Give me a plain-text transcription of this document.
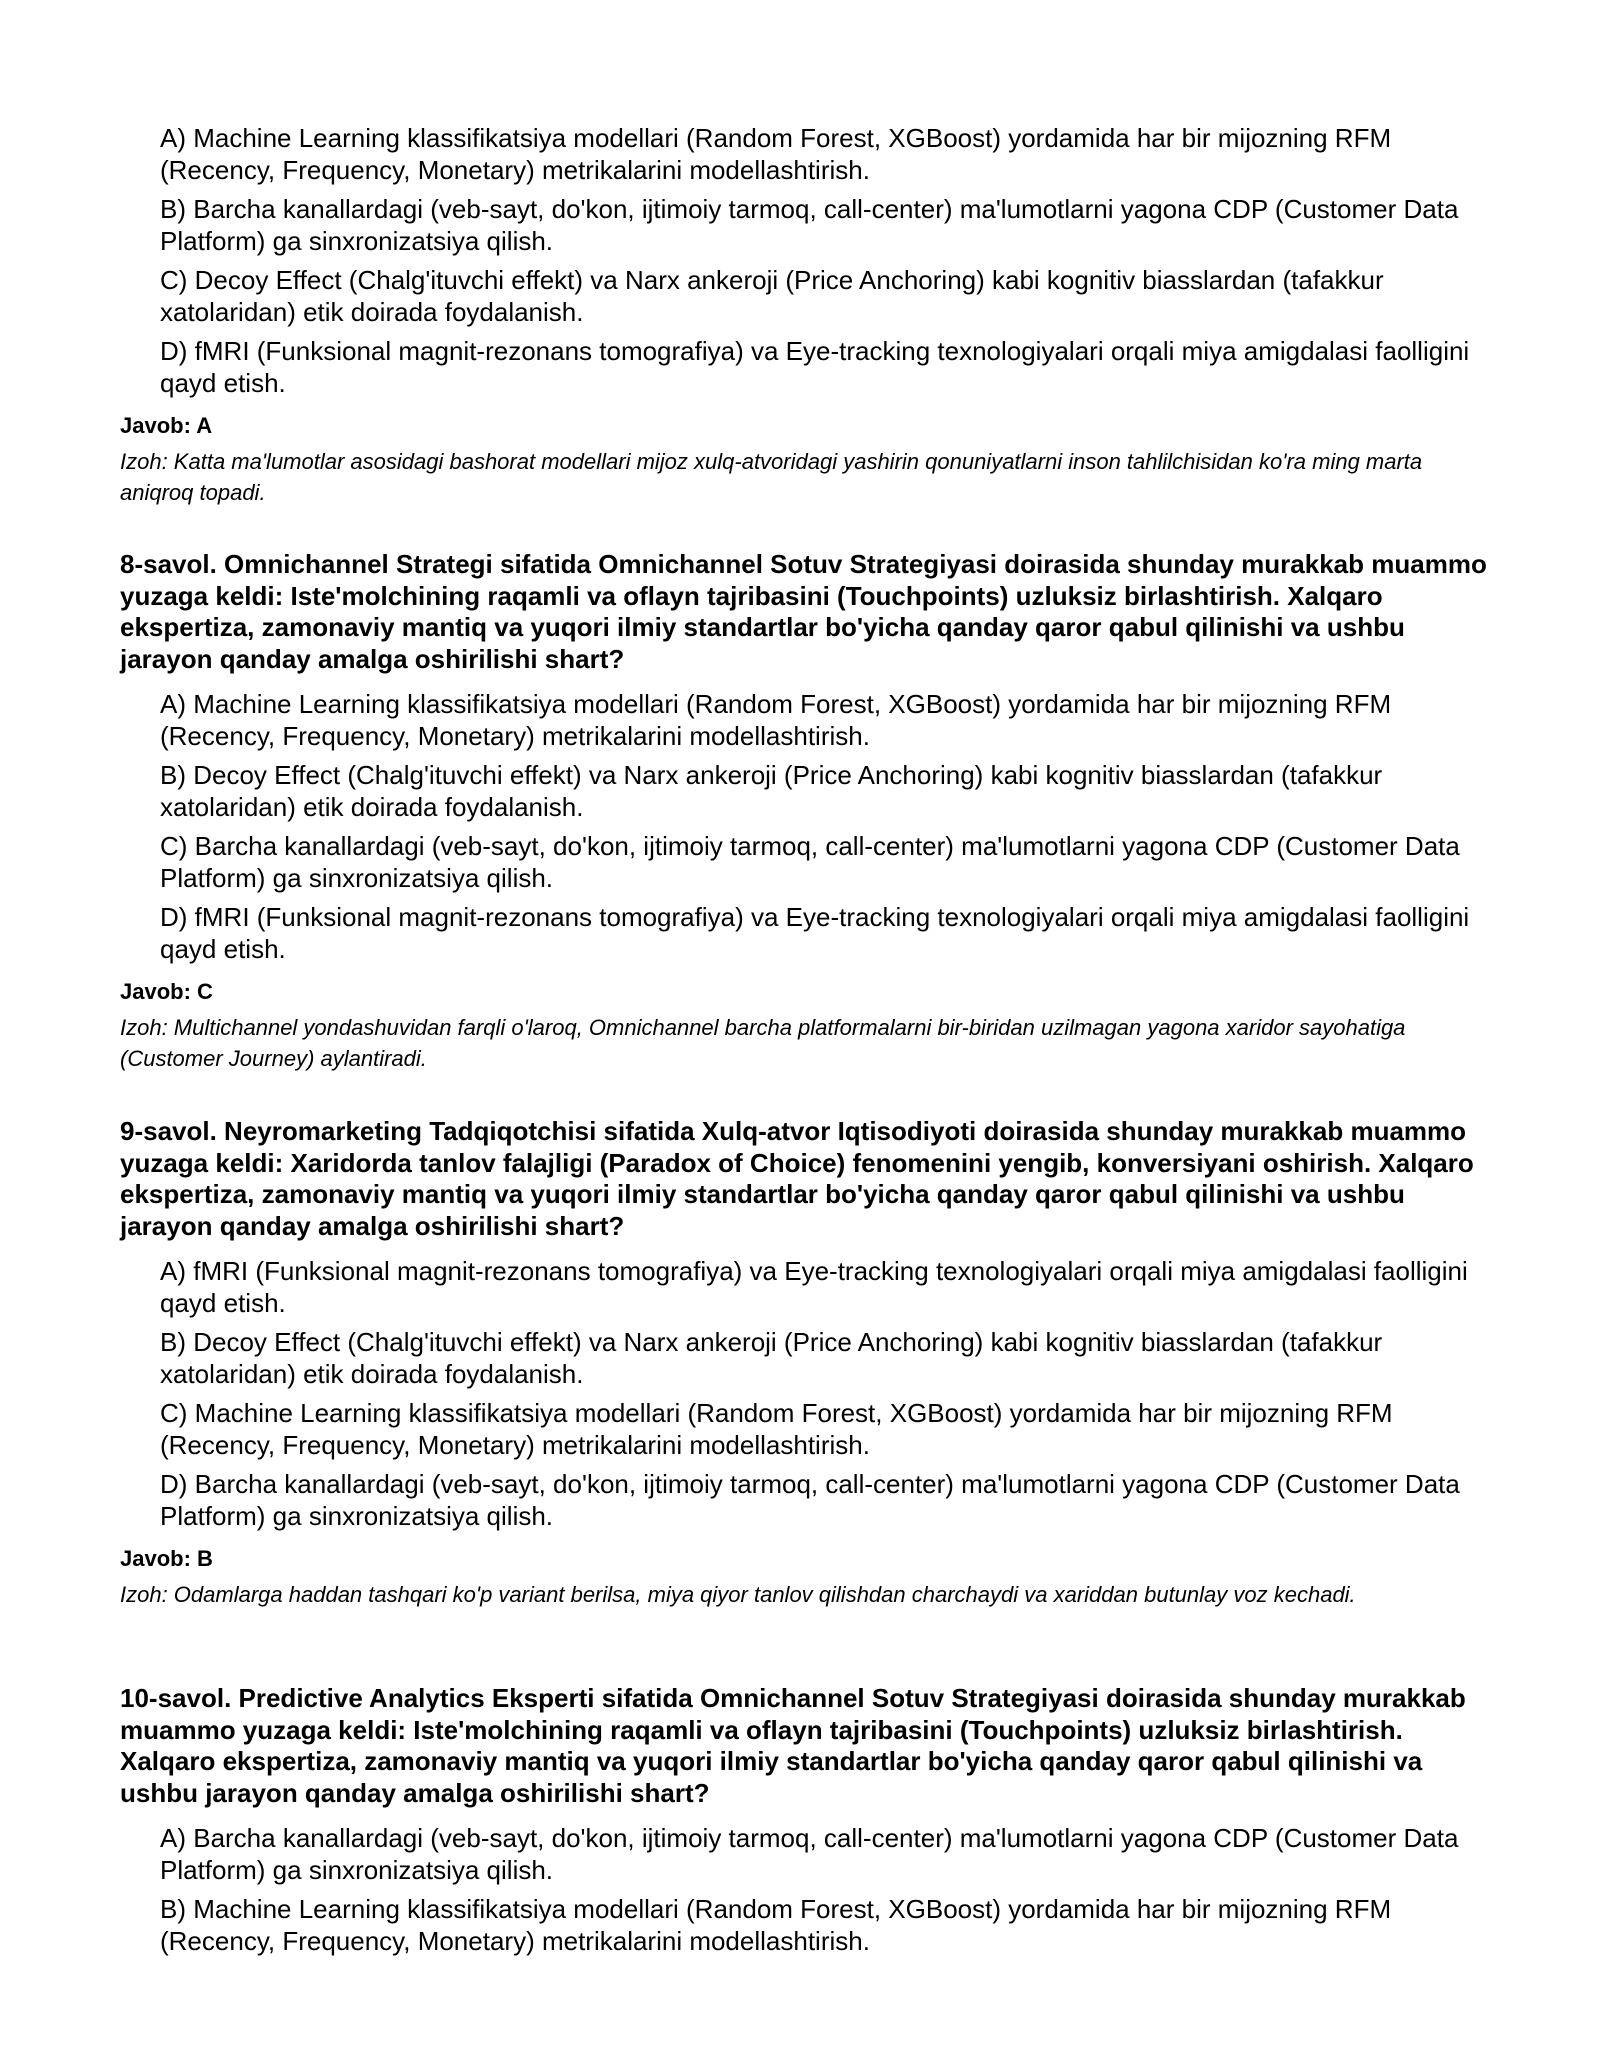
A) Machine Learning klassifikatsiya modellari (Random Forest, XGBoost) yordamida har bir mijozning RFM (Recency, Frequency, Monetary) metrikalarini modellashtirish.
B) Barcha kanallardagi (veb-sayt, do'kon, ijtimoiy tarmoq, call-center) ma'lumotlarni yagona CDP (Customer Data Platform) ga sinxronizatsiya qilish.
C) Decoy Effect (Chalg'ituvchi effekt) va Narx ankeroji (Price Anchoring) kabi kognitiv biasslardan (tafakkur xatolaridan) etik doirada foydalanish.
D) fMRI (Funksional magnit-rezonans tomografiya) va Eye-tracking texnologiyalari orqali miya amigdalasi faolligini qayd etish.
Javob: A
Izoh: Katta ma'lumotlar asosidagi bashorat modellari mijoz xulq-atvoridagi yashirin qonuniyatlarni inson tahlilchisidan ko'ra ming marta aniqroq topadi.
8-savol. Omnichannel Strategi sifatida Omnichannel Sotuv Strategiyasi doirasida shunday murakkab muammo yuzaga keldi: Iste'molchining raqamli va oflayn tajribasini (Touchpoints) uzluksiz birlashtirish. Xalqaro ekspertiza, zamonaviy mantiq va yuqori ilmiy standartlar bo'yicha qanday qaror qabul qilinishi va ushbu jarayon qanday amalga oshirilishi shart?
A) Machine Learning klassifikatsiya modellari (Random Forest, XGBoost) yordamida har bir mijozning RFM (Recency, Frequency, Monetary) metrikalarini modellashtirish.
B) Decoy Effect (Chalg'ituvchi effekt) va Narx ankeroji (Price Anchoring) kabi kognitiv biasslardan (tafakkur xatolaridan) etik doirada foydalanish.
C) Barcha kanallardagi (veb-sayt, do'kon, ijtimoiy tarmoq, call-center) ma'lumotlarni yagona CDP (Customer Data Platform) ga sinxronizatsiya qilish.
D) fMRI (Funksional magnit-rezonans tomografiya) va Eye-tracking texnologiyalari orqali miya amigdalasi faolligini qayd etish.
Javob: C
Izoh: Multichannel yondashuvidan farqli o'laroq, Omnichannel barcha platformalarni bir-biridan uzilmagan yagona xaridor sayohatiga (Customer Journey) aylantiradi.
9-savol. Neyromarketing Tadqiqotchisi sifatida Xulq-atvor Iqtisodiyoti doirasida shunday murakkab muammo yuzaga keldi: Xaridorda tanlov falajligi (Paradox of Choice) fenomenini yengib, konversiyani oshirish. Xalqaro ekspertiza, zamonaviy mantiq va yuqori ilmiy standartlar bo'yicha qanday qaror qabul qilinishi va ushbu jarayon qanday amalga oshirilishi shart?
A) fMRI (Funksional magnit-rezonans tomografiya) va Eye-tracking texnologiyalari orqali miya amigdalasi faolligini qayd etish.
B) Decoy Effect (Chalg'ituvchi effekt) va Narx ankeroji (Price Anchoring) kabi kognitiv biasslardan (tafakkur xatolaridan) etik doirada foydalanish.
C) Machine Learning klassifikatsiya modellari (Random Forest, XGBoost) yordamida har bir mijozning RFM (Recency, Frequency, Monetary) metrikalarini modellashtirish.
D) Barcha kanallardagi (veb-sayt, do'kon, ijtimoiy tarmoq, call-center) ma'lumotlarni yagona CDP (Customer Data Platform) ga sinxronizatsiya qilish.
Javob: B
Izoh: Odamlarga haddan tashqari ko'p variant berilsa, miya qiyor tanlov qilishdan charchaydi va xariddan butunlay voz kechadi.
10-savol. Predictive Analytics Eksperti sifatida Omnichannel Sotuv Strategiyasi doirasida shunday murakkab muammo yuzaga keldi: Iste'molchining raqamli va oflayn tajribasini (Touchpoints) uzluksiz birlashtirish. Xalqaro ekspertiza, zamonaviy mantiq va yuqori ilmiy standartlar bo'yicha qanday qaror qabul qilinishi va ushbu jarayon qanday amalga oshirilishi shart?
A) Barcha kanallardagi (veb-sayt, do'kon, ijtimoiy tarmoq, call-center) ma'lumotlarni yagona CDP (Customer Data Platform) ga sinxronizatsiya qilish.
B) Machine Learning klassifikatsiya modellari (Random Forest, XGBoost) yordamida har bir mijozning RFM (Recency, Frequency, Monetary) metrikalarini modellashtirish.
